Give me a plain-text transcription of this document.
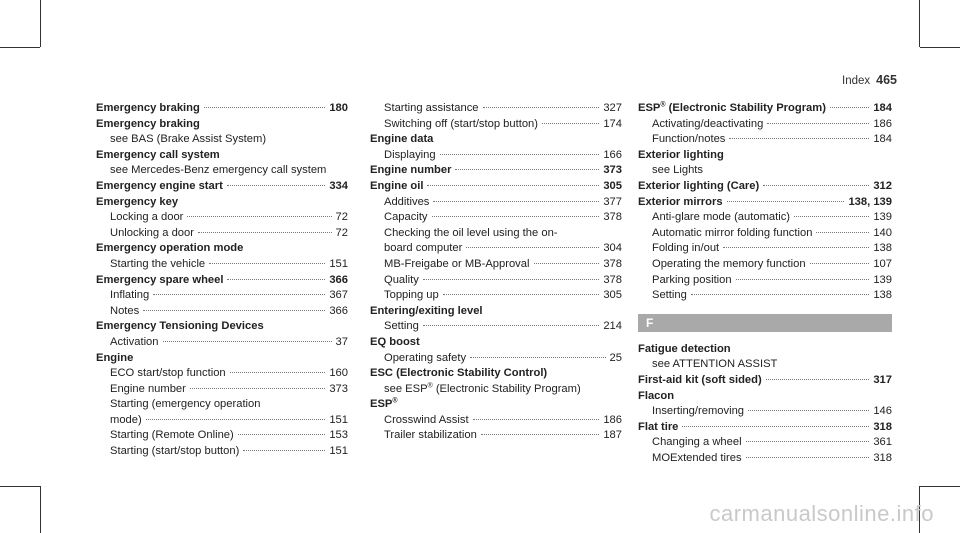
Index 465
Emergency braking	180
Emergency braking
see BAS (Brake Assist System)
Emergency call system
see Mercedes-Benz emergency call system
Emergency engine start	334
Emergency key
Locking a door	72
Unlocking a door	72
Emergency operation mode
Starting the vehicle	151
Emergency spare wheel	366
Inflating	367
Notes	366
Emergency Tensioning Devices
Activation	37
Engine
ECO start/stop function	160
Engine number	373
Starting (emergency operation
mode)	151
Starting (Remote Online)	153
Starting (start/stop button)	151
Starting assistance	327
Switching off (start/stop button)	174
Engine data
Displaying	166
Engine number	373
Engine oil	305
Additives	377
Capacity	378
Checking the oil level using the on-
board computer	304
MB-Freigabe or MB-Approval	378
Quality	378
Topping up	305
Entering/exiting level
Setting	214
EQ boost
Operating safety	25
ESC (Electronic Stability Control)
see ESP® (Electronic Stability Program)
ESP®
Crosswind Assist	186
Trailer stabilization	187
ESP® (Electronic Stability Program)	184
Activating/deactivating	186
Function/notes	184
Exterior lighting
see Lights
Exterior lighting (Care)	312
Exterior mirrors	138, 139
Anti-glare mode (automatic)	139
Automatic mirror folding function	140
Folding in/out	138
Operating the memory function	107
Parking position	139
Setting	138
F
Fatigue detection
see ATTENTION ASSIST
First-aid kit (soft sided)	317
Flacon
Inserting/removing	146
Flat tire	318
Changing a wheel	361
MOExtended tires	318
carmanualsonline.info
